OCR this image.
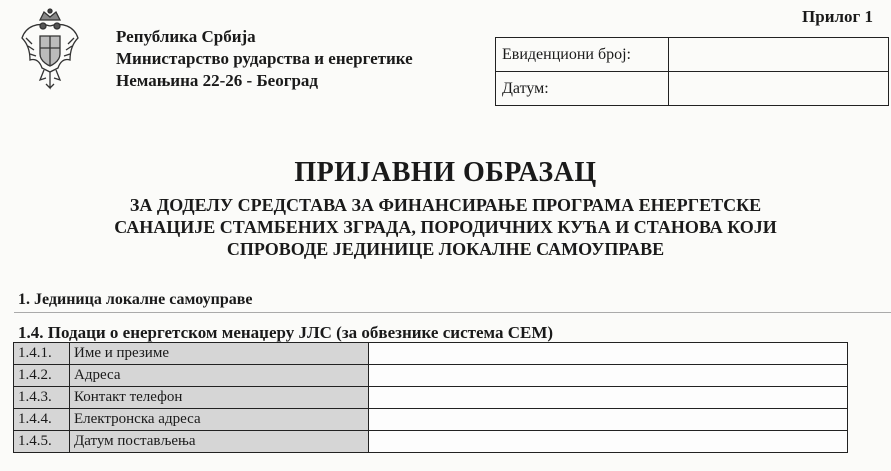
Република Србија
Министарство рударства и енергетике
Немањина 22-26 - Београд
Прилог 1
Евиденциони број:	
Датум:	
ПРИЈАВНИ ОБРАЗАЦ
ЗА ДОДЕЛУ СРЕДСТАВА ЗА ФИНАНСИРАЊЕ ПРОГРАМА ЕНЕРГЕТСКЕ
САНАЦИЈЕ СТАМБЕНИХ ЗГРАДА, ПОРОДИЧНИХ КУЋА И СТАНОВА КОЈИ
СПРОВОДЕ ЈЕДИНИЦЕ ЛОКАЛНЕ САМОУПРАВЕ
1. Јединица локалне самоуправе
1.4. Подаци о енергетском менаџеру ЈЛС (за обвезнике система СЕМ)
1.4.1.	Име и презиме	
1.4.2.	Адреса	
1.4.3.	Контакт телефон	
1.4.4.	Електронска адреса	
1.4.5.	Датум постављења	
